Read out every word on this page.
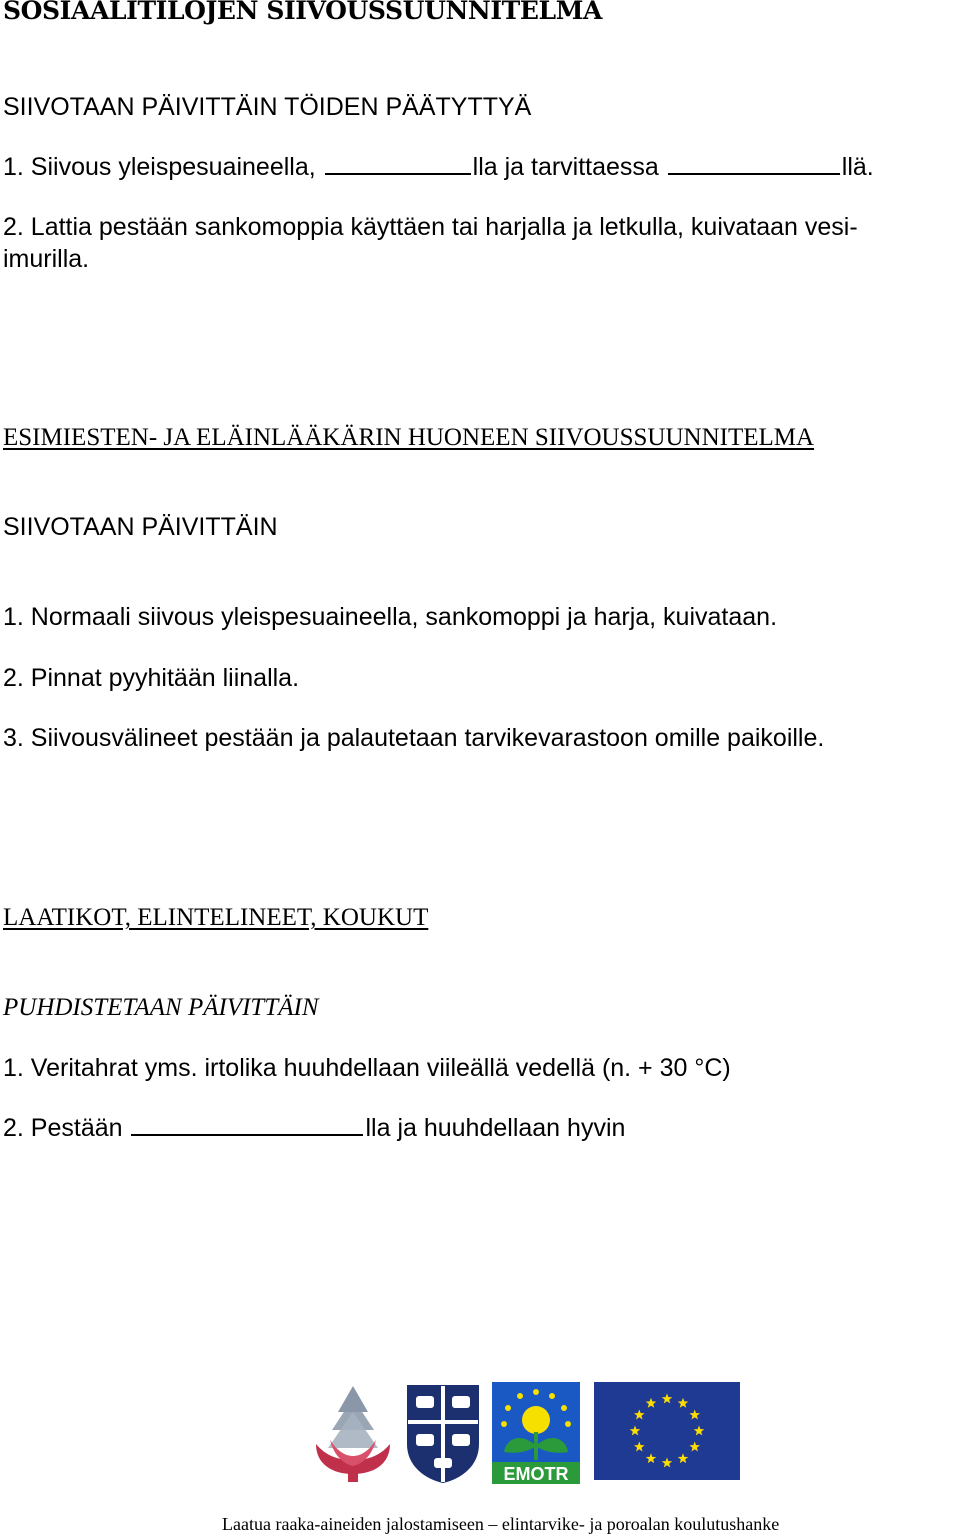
SOSIAALITILOJEN SIIVOUSSUUNNITELMA
SIIVOTAAN PÄIVITTÄIN TÖIDEN PÄÄTYTTYÄ
1. Siivous yleispesuaineella,	lla ja tarvittaessa	llä.
2. Lattia pestään sankomoppia käyttäen tai harjalla ja letkulla, kuivataan vesi-
imurilla.
ESIMIESTEN- JA ELÄINLÄÄKÄRIN HUONEEN SIIVOUSSUUNNITELMA
SIIVOTAAN PÄIVITTÄIN
1. Normaali siivous yleispesuaineella, sankomoppi ja harja, kuivataan.
2. Pinnat pyyhitään liinalla.
3. Siivousvälineet pestään ja palautetaan tarvikevarastoon omille paikoille.
LAATIKOT, ELINTELINEET, KOUKUT
PUHDISTETAAN PÄIVITTÄIN
1. Veritahrat yms. irtolika huuhdellaan viileällä vedellä (n. + 30 °C)
2. Pestään	lla ja huuhdellaan hyvin
EMOTR
Laatua raaka-aineiden jalostamiseen – elintarvike- ja poroalan koulutushanke
